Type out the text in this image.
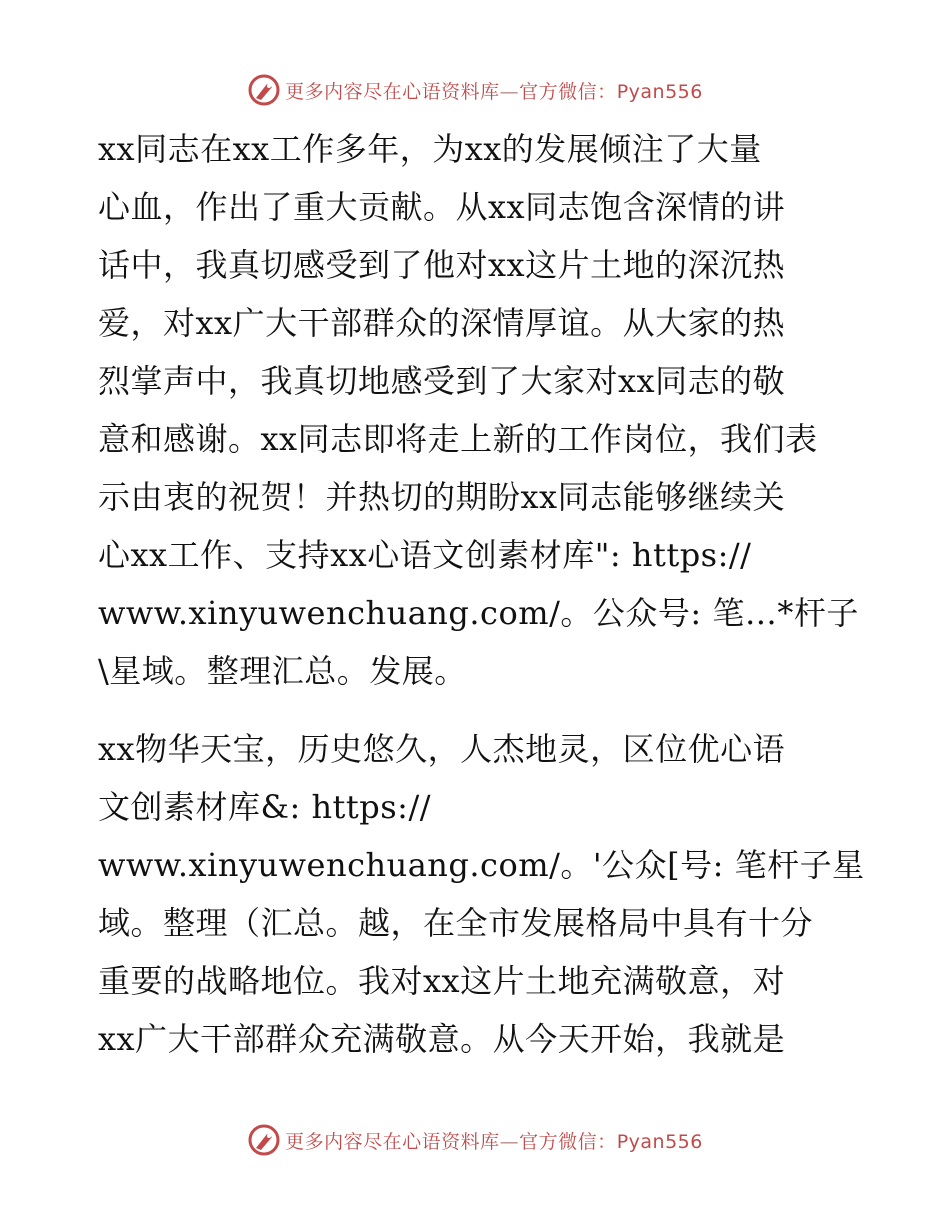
更多内容尽在心语资料库—官方微信：Pyan556
xx同志在xx工作多年，为xx的发展倾注了大量
心血，作出了重大贡献。从xx同志饱含深情的讲
话中，我真切感受到了他对xx这片土地的深沉热
爱，对xx广大干部群众的深情厚谊。从大家的热
烈掌声中，我真切地感受到了大家对xx同志的敬
意和感谢。xx同志即将走上新的工作岗位，我们表
示由衷的祝贺！并热切的期盼xx同志能够继续关
心xx工作、支持xx心语文创素材库": https://
www.xinyuwenchuang.com/。公众号: 笔…*杆子
\星域。整理汇总。发展。
xx物华天宝，历史悠久，人杰地灵，区位优心语
文创素材库&: https://
www.xinyuwenchuang.com/。'公众[号: 笔杆子星
域。整理（汇总。越，在全市发展格局中具有十分
重要的战略地位。我对xx这片土地充满敬意，对
xx广大干部群众充满敬意。从今天开始，我就是
更多内容尽在心语资料库—官方微信：Pyan556
